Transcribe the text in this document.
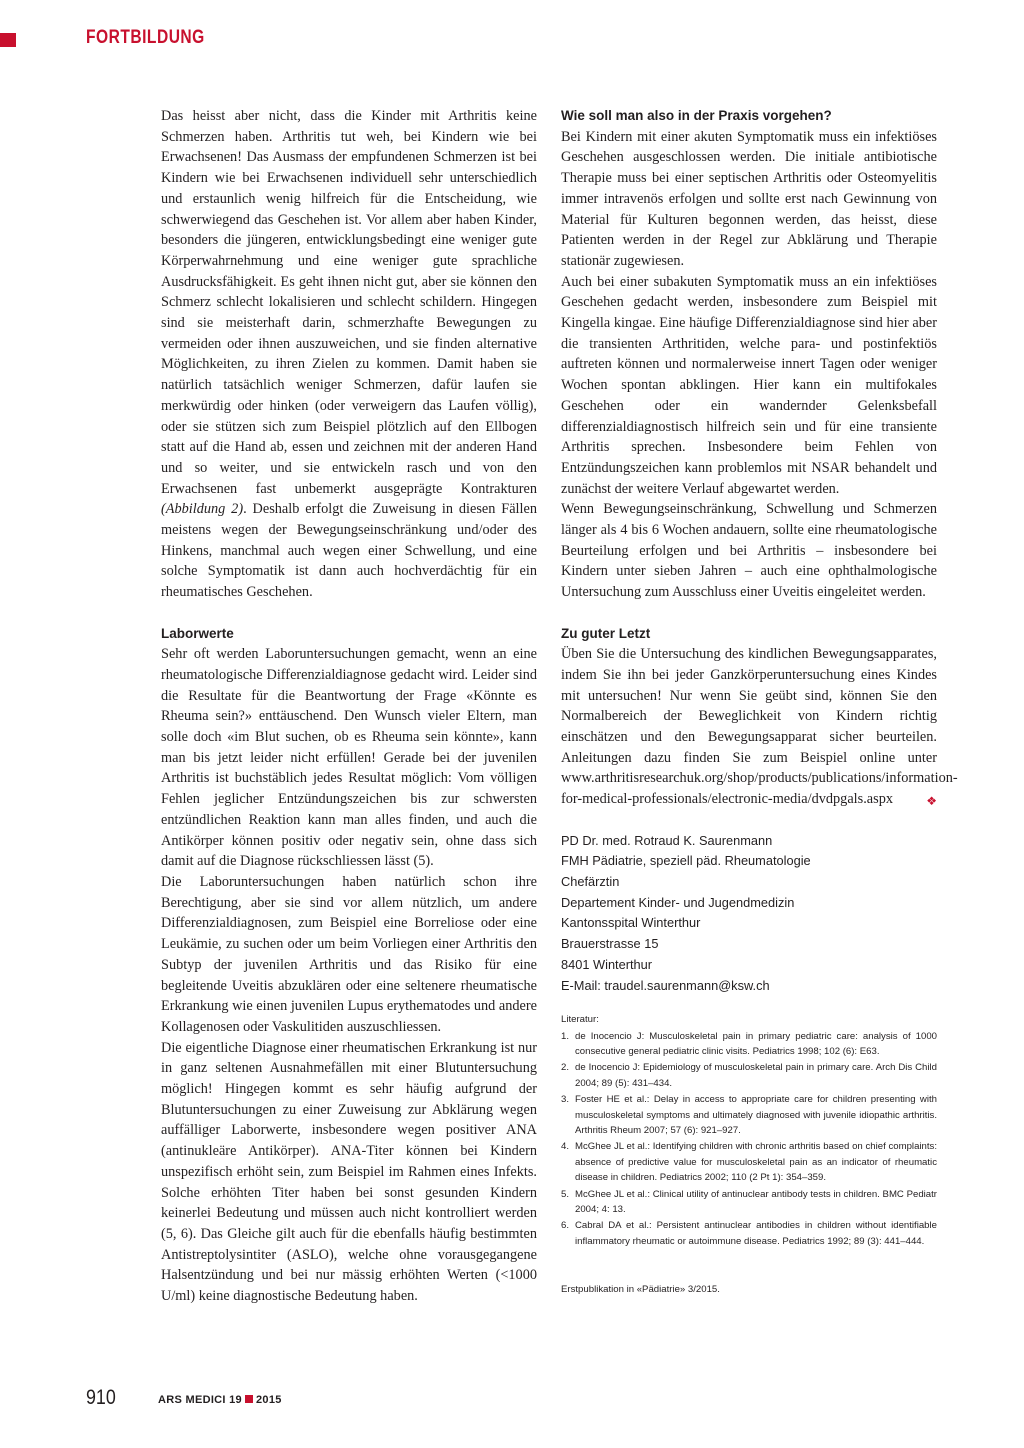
FORTBILDUNG

Das heisst aber nicht, dass die Kinder mit Arthritis keine Schmerzen haben. Arthritis tut weh, bei Kindern wie bei Erwachsenen! Das Ausmass der empfundenen Schmerzen ist bei Kindern wie bei Erwachsenen individuell sehr unterschiedlich und erstaunlich wenig hilfreich für die Entscheidung, wie schwerwiegend das Geschehen ist. Vor allem aber haben Kinder, besonders die jüngeren, entwicklungsbedingt eine weniger gute Körperwahrnehmung und eine weniger gute sprachliche Ausdrucksfähigkeit. Es geht ihnen nicht gut, aber sie können den Schmerz schlecht lokalisieren und schlecht schildern. Hingegen sind sie meisterhaft darin, schmerzhafte Bewegungen zu vermeiden oder ihnen auszuweichen, und sie finden alternative Möglichkeiten, zu ihren Zielen zu kommen. Damit haben sie natürlich tatsächlich weniger Schmerzen, dafür laufen sie merkwürdig oder hinken (oder verweigern das Laufen völlig), oder sie stützen sich zum Beispiel plötzlich auf den Ellbogen statt auf die Hand ab, essen und zeichnen mit der anderen Hand und so weiter, und sie entwickeln rasch und von den Erwachsenen fast unbemerkt ausgeprägte Kontrakturen (Abbildung 2). Deshalb erfolgt die Zuweisung in diesen Fällen meistens wegen der Bewegungseinschränkung und/oder des Hinkens, manchmal auch wegen einer Schwellung, und eine solche Symptomatik ist dann auch hochverdächtig für ein rheumatisches Geschehen.

Laborwerte

Sehr oft werden Laboruntersuchungen gemacht, wenn an eine rheumatologische Differenzialdiagnose gedacht wird. Leider sind die Resultate für die Beantwortung der Frage «Könnte es Rheuma sein?» enttäuschend. Den Wunsch vieler Eltern, man solle doch «im Blut suchen, ob es Rheuma sein könnte», kann man bis jetzt leider nicht erfüllen! Gerade bei der juvenilen Arthritis ist buchstäblich jedes Resultat möglich: Vom völligen Fehlen jeglicher Entzündungszeichen bis zur schwersten entzündlichen Reaktion kann man alles finden, und auch die Antikörper können positiv oder negativ sein, ohne dass sich damit auf die Diagnose rückschliessen lässt (5).

Die Laboruntersuchungen haben natürlich schon ihre Berechtigung, aber sie sind vor allem nützlich, um andere Differenzialdiagnosen, zum Beispiel eine Borreliose oder eine Leukämie, zu suchen oder um beim Vorliegen einer Arthritis den Subtyp der juvenilen Arthritis und das Risiko für eine begleitende Uveitis abzuklären oder eine seltenere rheumatische Erkrankung wie einen juvenilen Lupus erythematodes und andere Kollagenosen oder Vaskulitiden auszuschliessen.

Die eigentliche Diagnose einer rheumatischen Erkrankung ist nur in ganz seltenen Ausnahmefällen mit einer Blutuntersuchung möglich! Hingegen kommt es sehr häufig aufgrund der Blutuntersuchungen zu einer Zuweisung zur Abklärung wegen auffälliger Laborwerte, insbesondere wegen positiver ANA (antinukleäre Antikörper). ANA-Titer können bei Kindern unspezifisch erhöht sein, zum Beispiel im Rahmen eines Infekts. Solche erhöhten Titer haben bei sonst gesunden Kindern keinerlei Bedeutung und müssen auch nicht kontrolliert werden (5, 6). Das Gleiche gilt auch für die ebenfalls häufig bestimmten Antistreptolysintiter (ASLO), welche ohne vorausgegangene Halsentzündung und bei nur mässig erhöhten Werten (<1000 U/ml) keine diagnostische Bedeutung haben.

Wie soll man also in der Praxis vorgehen?

Bei Kindern mit einer akuten Symptomatik muss ein infektiöses Geschehen ausgeschlossen werden. Die initiale antibiotische Therapie muss bei einer septischen Arthritis oder Osteomyelitis immer intravenös erfolgen und sollte erst nach Gewinnung von Material für Kulturen begonnen werden, das heisst, diese Patienten werden in der Regel zur Abklärung und Therapie stationär zugewiesen.

Auch bei einer subakuten Symptomatik muss an ein infektiöses Geschehen gedacht werden, insbesondere zum Beispiel mit Kingella kingae. Eine häufige Differenzialdiagnose sind hier aber die transienten Arthritiden, welche para- und postinfektiös auftreten können und normalerweise innert Tagen oder weniger Wochen spontan abklingen. Hier kann ein multifokales Geschehen oder ein wandernder Gelenksbefall differenzialdiagnostisch hilfreich sein und für eine transiente Arthritis sprechen. Insbesondere beim Fehlen von Entzündungszeichen kann problemlos mit NSAR behandelt und zunächst der weitere Verlauf abgewartet werden.

Wenn Bewegungseinschränkung, Schwellung und Schmerzen länger als 4 bis 6 Wochen andauern, sollte eine rheumatologische Beurteilung erfolgen und bei Arthritis – insbesondere bei Kindern unter sieben Jahren – auch eine ophthalmologische Untersuchung zum Ausschluss einer Uveitis eingeleitet werden.

Zu guter Letzt

Üben Sie die Untersuchung des kindlichen Bewegungsapparates, indem Sie ihn bei jeder Ganzkörperuntersuchung eines Kindes mit untersuchen! Nur wenn Sie geübt sind, können Sie den Normalbereich der Beweglichkeit von Kindern richtig einschätzen und den Bewegungsapparat sicher beurteilen. Anleitungen dazu finden Sie zum Beispiel online unter www.arthritisresearchuk.org/shop/products/publications/information-for-medical-professionals/electronic-media/dvdpgals.aspx	❖

PD Dr. med. Rotraud K. Saurenmann
FMH Pädiatrie, speziell päd. Rheumatologie
Chefärztin
Departement Kinder- und Jugendmedizin
Kantonsspital Winterthur
Brauerstrasse 15
8401 Winterthur
E-Mail: traudel.saurenmann@ksw.ch
Literatur:
1. de Inocencio J: Musculoskeletal pain in primary pediatric care: analysis of 1000 consecutive general pediatric clinic visits. Pediatrics 1998; 102 (6): E63.
2. de Inocencio J: Epidemiology of musculoskeletal pain in primary care. Arch Dis Child 2004; 89 (5): 431–434.
3. Foster HE et al.: Delay in access to appropriate care for children presenting with musculoskeletal symptoms and ultimately diagnosed with juvenile idiopathic arthritis. Arthritis Rheum 2007; 57 (6): 921–927.
4. McGhee JL et al.: Identifying children with chronic arthritis based on chief complaints: absence of predictive value for musculoskeletal pain as an indicator of rheumatic disease in children. Pediatrics 2002; 110 (2 Pt 1): 354–359.
5. McGhee JL et al.: Clinical utility of antinuclear antibody tests in children. BMC Pediatr 2004; 4: 13.
6. Cabral DA et al.: Persistent antinuclear antibodies in children without identifiable inflammatory rheumatic or autoimmune disease. Pediatrics 1992; 89 (3): 441–444.
Erstpublikation in «Pädiatrie» 3/2015.
910	ARS MEDICI 19 2015
